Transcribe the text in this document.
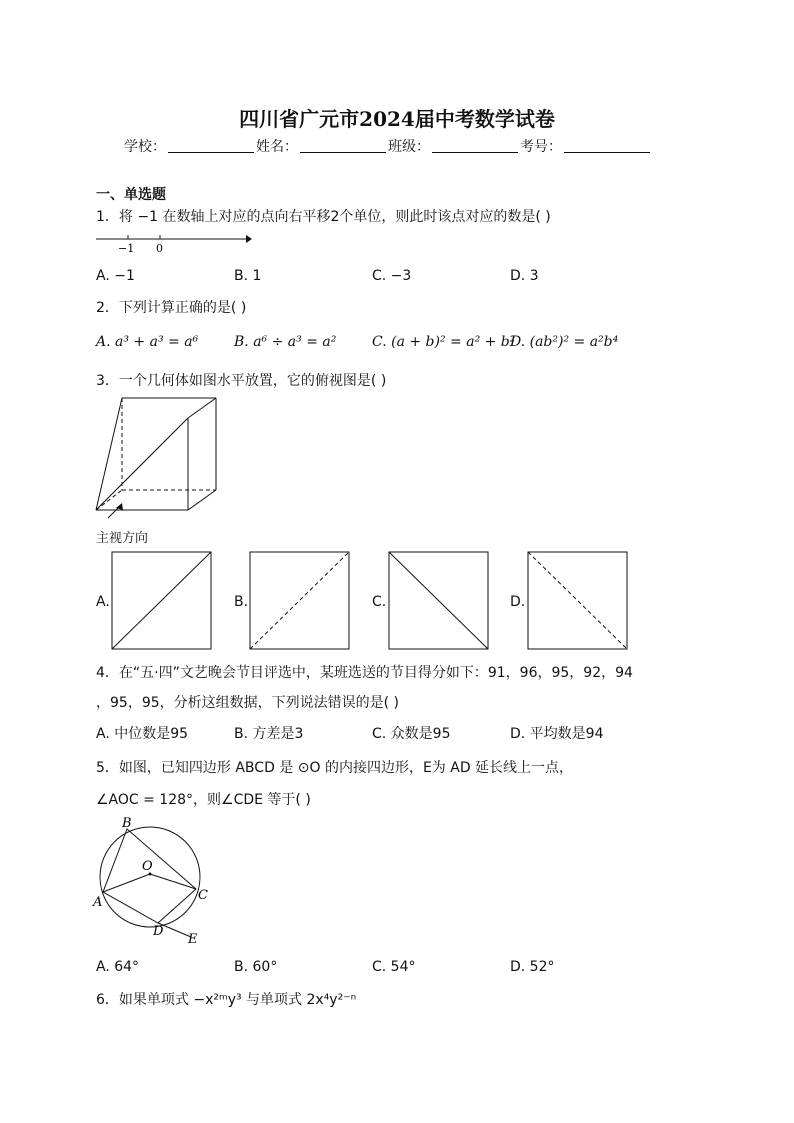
四川省广元市2024届中考数学试卷
学校：	姓名：	班级：	考号：
一、单选题
1．将 −1 在数轴上对应的点向右平移2个单位，则此时该点对应的数是( )
−1 0
A. −1	B. 1	C. −3	D. 3
2．下列计算正确的是( )
A. a³ + a³ = a⁶	B. a⁶ ÷ a³ = a²	C. (a + b)² = a² + b²
D. (ab²)² = a²b⁴
3．一个几何体如图水平放置，它的俯视图是( )
主视方向
A.	B.	C.	D.
4．在“五·四”文艺晚会节目评选中，某班选送的节目得分如下：91，96，95，92，94
，95，95，分析这组数据，下列说法错误的是( )
A. 中位数是95	B. 方差是3	C. 众数是95	D. 平均数是94
5．如图，已知四边形 ABCD 是 ⊙O 的内接四边形，E为 AD 延长线上一点，
∠AOC = 128°，则∠CDE 等于( )
B
O
A	C
D
E
A. 64°	B. 60°	C. 54°	D. 52°
6．如果单项式 −x²ᵐy³ 与单项式 2x⁴y²⁻ⁿ
